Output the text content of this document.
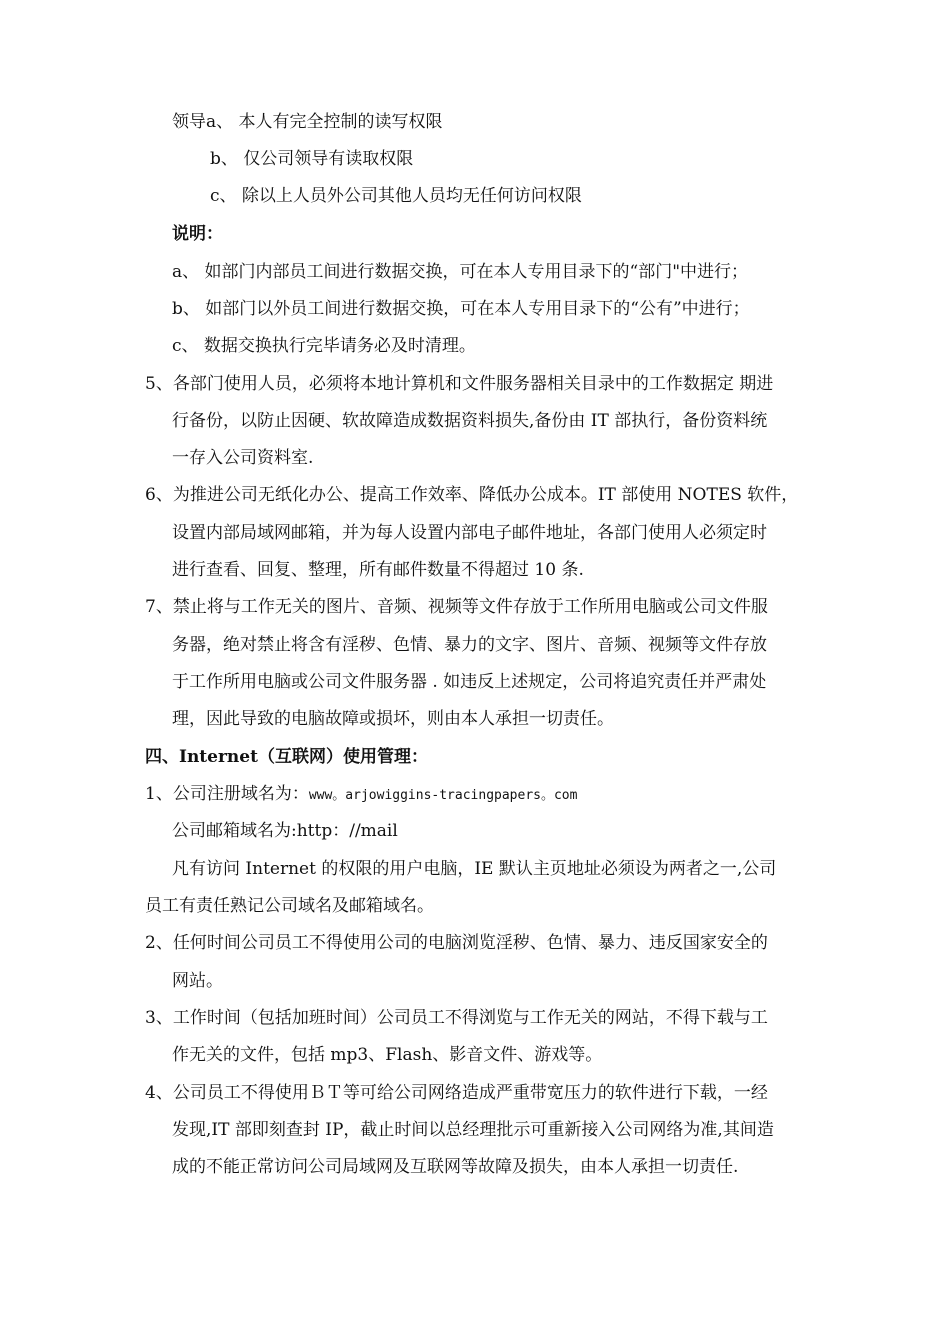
领导a、 本人有完全控制的读写权限
b、 仅公司领导有读取权限
c、 除以上人员外公司其他人员均无任何访问权限
说明：
a、 如部门内部员工间进行数据交换，可在本人专用目录下的“部门"中进行；
b、 如部门以外员工间进行数据交换，可在本人专用目录下的“公有”中进行；
c、 数据交换执行完毕请务必及时清理。
5、各部门使用人员，必须将本地计算机和文件服务器相关目录中的工作数据定 期进
行备份，以防止因硬、软故障造成数据资料损失,备份由 IT 部执行，备份资料统
一存入公司资料室.
6、为推进公司无纸化办公、提高工作效率、降低办公成本。IT 部使用 NOTES 软件，
设置内部局域网邮箱，并为每人设置内部电子邮件地址，各部门使用人必须定时
进行查看、回复、整理，所有邮件数量不得超过 10 条.
7、禁止将与工作无关的图片、音频、视频等文件存放于工作所用电脑或公司文件服
务器，绝对禁止将含有淫秽、色情、暴力的文字、图片、音频、视频等文件存放
于工作所用电脑或公司文件服务器 . 如违反上述规定，公司将追究责任并严肃处
理，因此导致的电脑故障或损坏，则由本人承担一切责任。
四、Internet（互联网）使用管理：
1、公司注册域名为：www。arjowiggins-tracingpapers。com
公司邮箱域名为:http：//mail
凡有访问 Internet 的权限的用户电脑，IE 默认主页地址必须设为两者之一,公司
员工有责任熟记公司域名及邮箱域名。
2、任何时间公司员工不得使用公司的电脑浏览淫秽、色情、暴力、违反国家安全的
网站。
3、工作时间（包括加班时间）公司员工不得浏览与工作无关的网站，不得下载与工
作无关的文件，包括 mp3、Flash、影音文件、游戏等。
4、公司员工不得使用ＢＴ等可给公司网络造成严重带宽压力的软件进行下载，一经
发现,IT 部即刻查封 IP，截止时间以总经理批示可重新接入公司网络为准,其间造
成的不能正常访问公司局域网及互联网等故障及损失，由本人承担一切责任.
